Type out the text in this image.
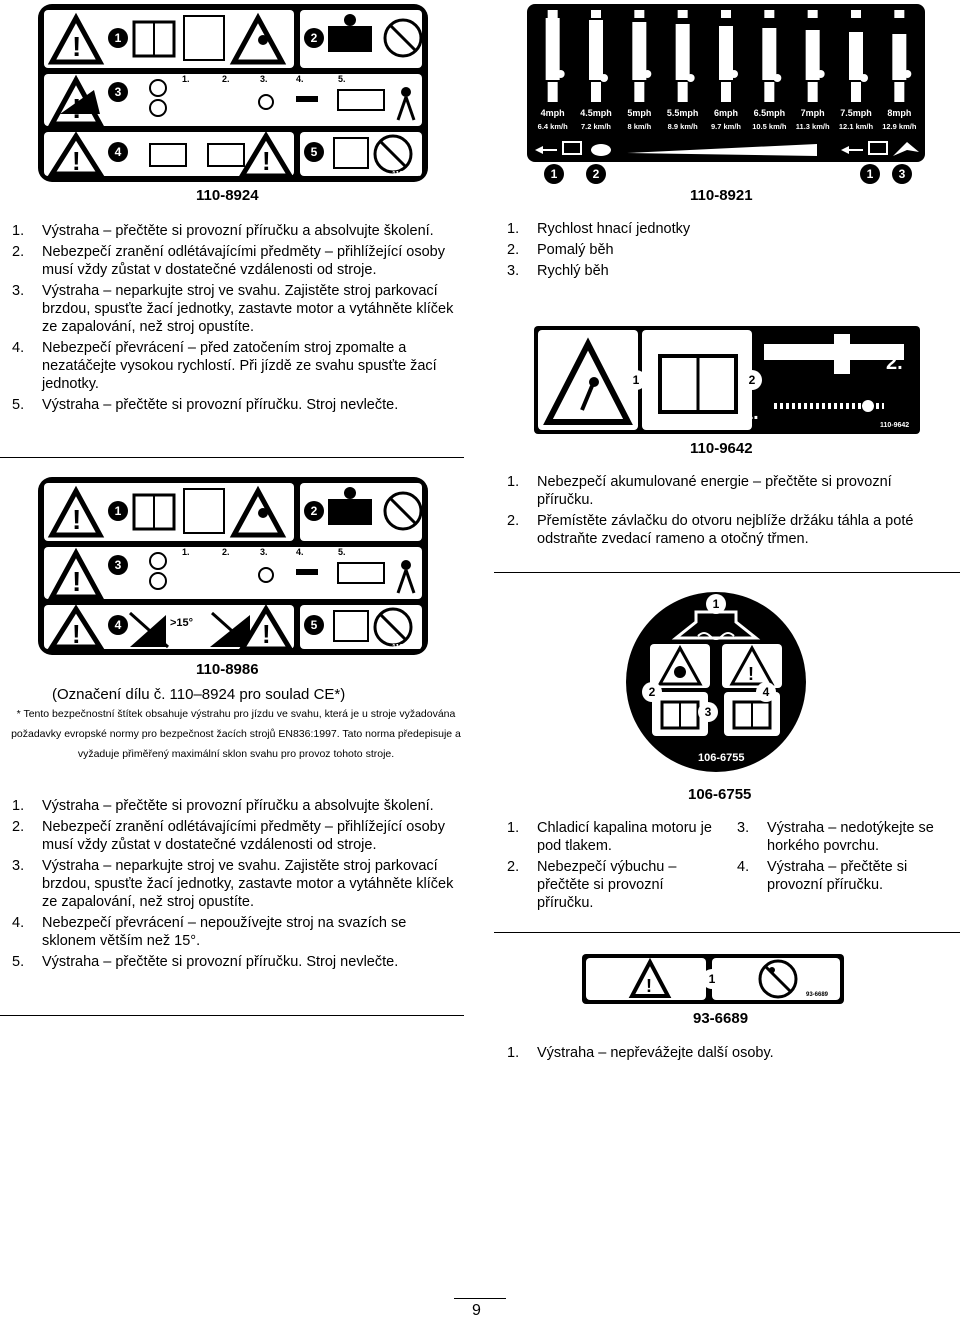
!
!	!
1	2
3
4	5
1.	2.	3.	4.	5.
110-8924
110-8924
1. Výstraha – přečtěte si provozní příručku a absolvujte školení.
2. Nebezpečí zranění odlétávajícími předměty – přihlížející osoby musí vždy zůstat v dostatečné vzdálenosti od stroje.
3. Výstraha – neparkujte stroj ve svahu. Zajistěte stroj parkovací brzdou, spusťte žací jednotky, zastavte motor a vytáhněte klíček ze zapalování, než stroj opustíte.
4. Nebezpečí převrácení – před zatočením stroj zpomalte a nezatáčejte vysokou rychlostí. Při jízdě ze svahu spusťte žací jednotky.
5. Výstraha – přečtěte si provozní příručku. Stroj nevlečte.
!
!
!	!
1	2
3
4	5
1.	2.	3.	4.	5.
>15°
110-8986
110-8986
(Označení dílu č. 110–8924 pro soulad CE*)
* Tento bezpečnostní štítek obsahuje výstrahu pro jízdu ve svahu, která je u stroje vyžadována požadavky evropské normy pro bezpečnost žacích strojů EN836:1997. Tato norma předepisuje a vyžaduje přiměřený maximální sklon svahu pro provoz tohoto stroje.
1. Výstraha – přečtěte si provozní příručku a absolvujte školení.
2. Nebezpečí zranění odlétávajícími předměty – přihlížející osoby musí vždy zůstat v dostatečné vzdálenosti od stroje.
3. Výstraha – neparkujte stroj ve svahu. Zajistěte stroj parkovací brzdou, spusťte žací jednotky, zastavte motor a vytáhněte klíček ze zapalování, než stroj opustíte.
4. Nebezpečí převrácení – nepoužívejte stroj na svazích se sklonem větším než 15°.
5. Výstraha – přečtěte si provozní příručku. Stroj nevlečte.
4mph
6.4 km/h
4.5mph
7.2 km/h
5mph
8 km/h
5.5mph
8.9 km/h
6mph
9.7 km/h
6.5mph
10.5 km/h
7mph
11.3 km/h
7.5mph
12.1 km/h
8mph
12.9 km/h
1	2	1	3
110-8921
1. Rychlost hnací jednotky
2. Pomalý běh
3. Rychlý běh
1	2
1.
2.
110-9642
110-9642
1. Nebezpečí akumulované energie – přečtěte si provozní příručku.
2. Přemístěte závlačku do otvoru nejblíže držáku táhla a poté odstraňte zvedací rameno a otočný třmen.
!
1
2
3
4
106-6755
106-6755
1. Chladicí kapalina motoru je pod tlakem.
2. Nebezpečí výbuchu – přečtěte si provozní příručku.
3. Výstraha – nedotýkejte se horkého povrchu.
4. Výstraha – přečtěte si provozní příručku.
!	1
93-6689
93-6689
1. Výstraha – nepřevážejte další osoby.
9
